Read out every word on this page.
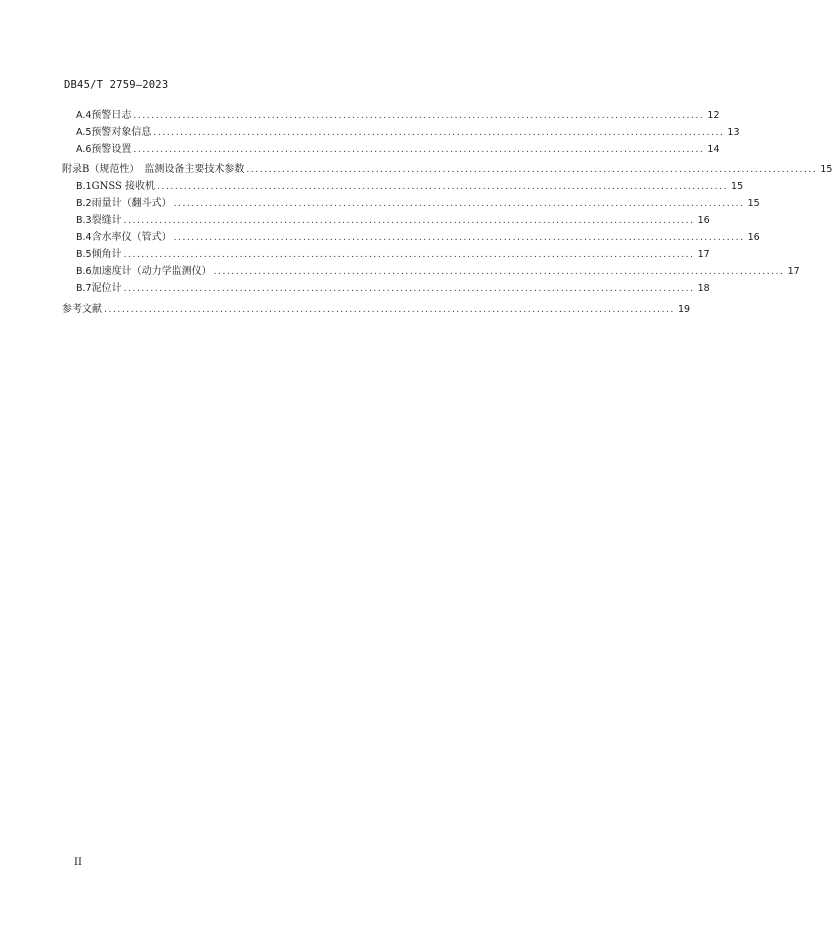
DB45/T 2759—2023
A.4 预警日志 ................................................................................................................................ 12
A.5 预警对象信息 ................................................................................................................................ 13
A.6 预警设置 ................................................................................................................................ 14
附录B（规范性）　监测设备主要技术参数 ................................................................................................................................ 15
B.1 GNSS 接收机 ................................................................................................................................ 15
B.2 雨量计（翻斗式） ................................................................................................................................ 15
B.3 裂缝计 ................................................................................................................................ 16
B.4 含水率仪（管式） ................................................................................................................................ 16
B.5 倾角计 ................................................................................................................................ 17
B.6 加速度计（动力学监测仪） ................................................................................................................................ 17
B.7 泥位计 ................................................................................................................................ 18
参考文献 ................................................................................................................................ 19
II
